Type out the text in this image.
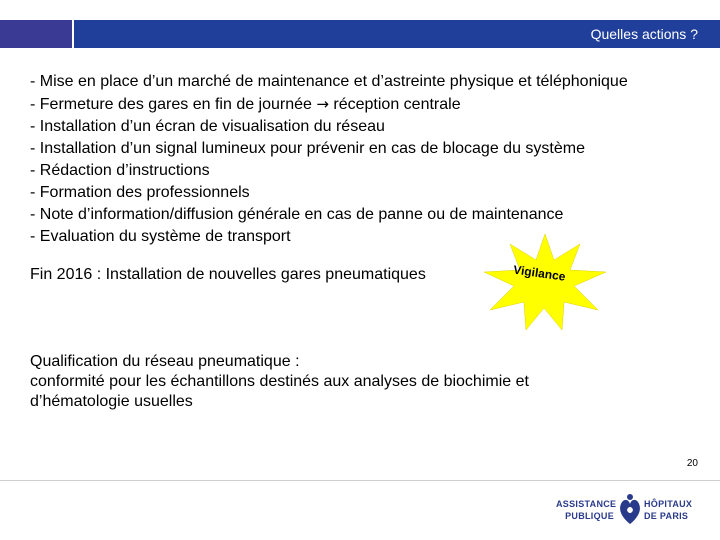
Quelles actions ?
- Mise en place d’un marché de maintenance et d’astreinte physique et téléphonique
- Fermeture des gares en fin de journée → réception centrale
- Installation d’un écran de visualisation du réseau
- Installation d’un signal lumineux pour prévenir en cas de blocage du système
- Rédaction d’instructions
- Formation des professionnels
- Note d’information/diffusion générale en cas de panne ou de maintenance
- Evaluation du système de transport
Fin 2016 : Installation de nouvelles gares pneumatiques	Vigilance
Qualification du réseau pneumatique :
conformité pour les échantillons destinés aux analyses de biochimie et
d’hématologie usuelles
20
ASSISTANCE
PUBLIQUE
HÔPITAUX
DE PARIS
